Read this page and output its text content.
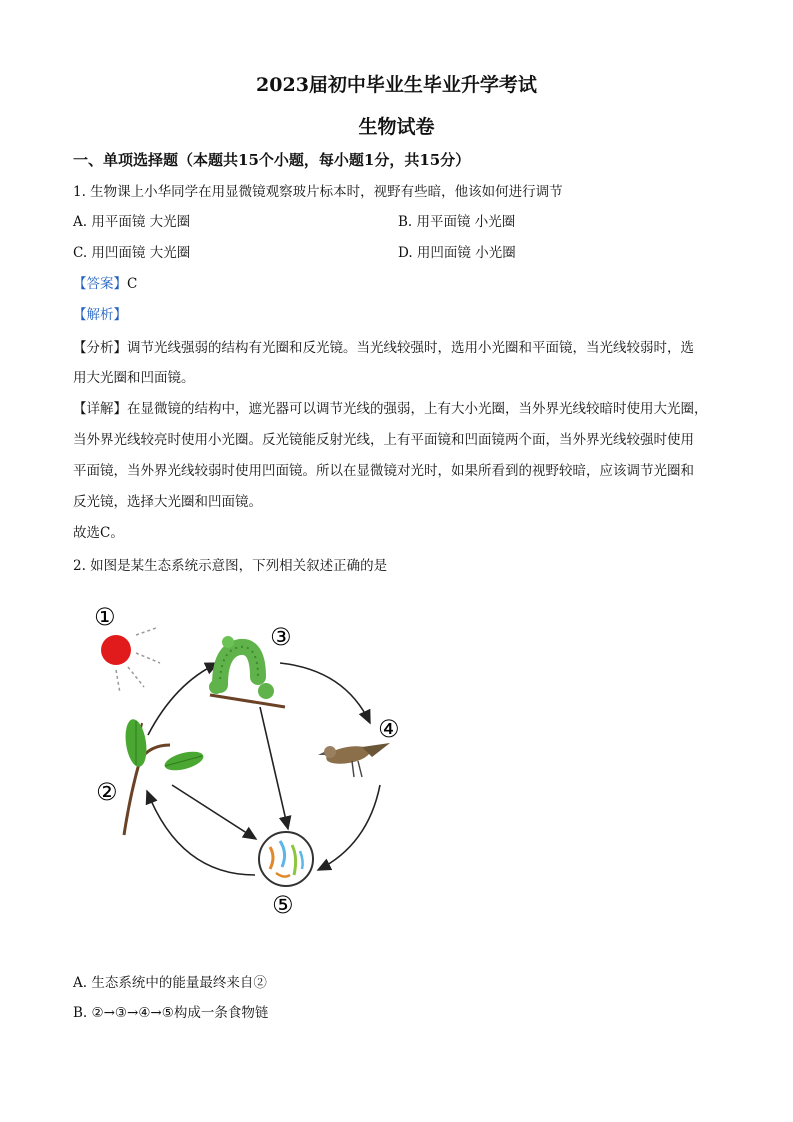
2023届初中毕业生毕业升学考试
生物试卷
一、单项选择题（本题共15个小题，每小题1分，共15分）
1. 生物课上小华同学在用显微镜观察玻片标本时，视野有些暗，他该如何进行调节
A. 用平面镜 大光圈	B. 用平面镜 小光圈
C. 用凹面镜 大光圈	D. 用凹面镜 小光圈
【答案】C
【解析】
【分析】调节光线强弱的结构有光圈和反光镜。当光线较强时，选用小光圈和平面镜，当光线较弱时，选
用大光圈和凹面镜。
【详解】在显微镜的结构中，遮光器可以调节光线的强弱，上有大小光圈，当外界光线较暗时使用大光圈，
当外界光线较亮时使用小光圈。反光镜能反射光线，上有平面镜和凹面镜两个面，当外界光线较强时使用
平面镜，当外界光线较弱时使用凹面镜。所以在显微镜对光时，如果所看到的视野较暗，应该调节光圈和
反光镜，选择大光圈和凹面镜。
故选C。
2. 如图是某生态系统示意图，下列相关叙述正确的是
①
②
③
④
⑤
A. 生态系统中的能量最终来自②
B. ②→③→④→⑤构成一条食物链
